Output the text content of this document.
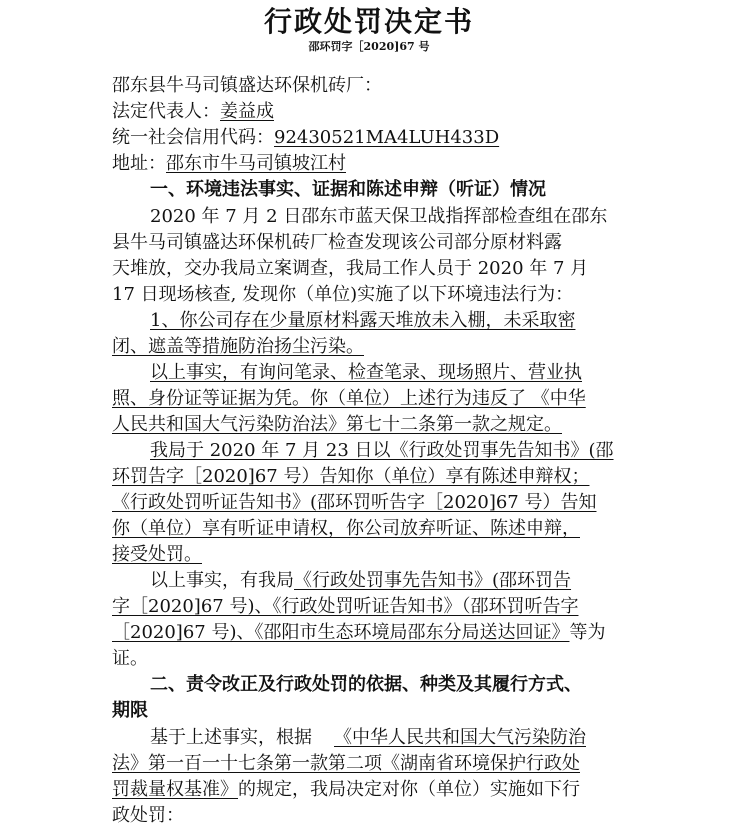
行政处罚决定书
邵环罚字［2020]67 号
邵东县牛马司镇盛达环保机砖厂：
法定代表人：姜益成
统一社会信用代码：92430521MA4LUH433D
地址：邵东市牛马司镇坡江村
一、环境违法事实、证据和陈述申辩（听证）情况
2020 年 7 月 2 日邵东市蓝天保卫战指挥部检查组在邵东
县牛马司镇盛达环保机砖厂检查发现该公司部分原材料露
天堆放，交办我局立案调查，我局工作人员于 2020 年 7 月
17 日现场核查, 发现你（单位)实施了以下环境违法行为：
1、你公司存在少量原材料露天堆放未入棚，未采取密
闭、遮盖等措施防治扬尘污染。
以上事实，有询问笔录、检查笔录、现场照片、营业执
照、身份证等证据为凭。你（单位）上述行为违反了 《中华
人民共和国大气污染防治法》第七十二条第一款之规定。
我局于 2020 年 7 月 23 日以《行政处罚事先告知书》(邵
环罚告字［2020]67 号）告知你（单位）享有陈述申辩权；
《行政处罚听证告知书》(邵环罚听告字［2020]67 号）告知
你（单位）享有听证申请权，你公司放弃听证、陈述申辩，
接受处罚。
以上事实，有我局《行政处罚事先告知书》(邵环罚告
字［2020]67 号)、《行政处罚听证告知书》（邵环罚听告字
［2020]67 号)、《邵阳市生态环境局邵东分局送达回证》等为
证。
二、责令改正及行政处罚的依据、种类及其履行方式、
期限
基于上述事实，根据 《中华人民共和国大气污染防治
法》第一百一十七条第一款第二项《湖南省环境保护行政处
罚裁量权基准》的规定，我局决定对你（单位）实施如下行
政处罚：
